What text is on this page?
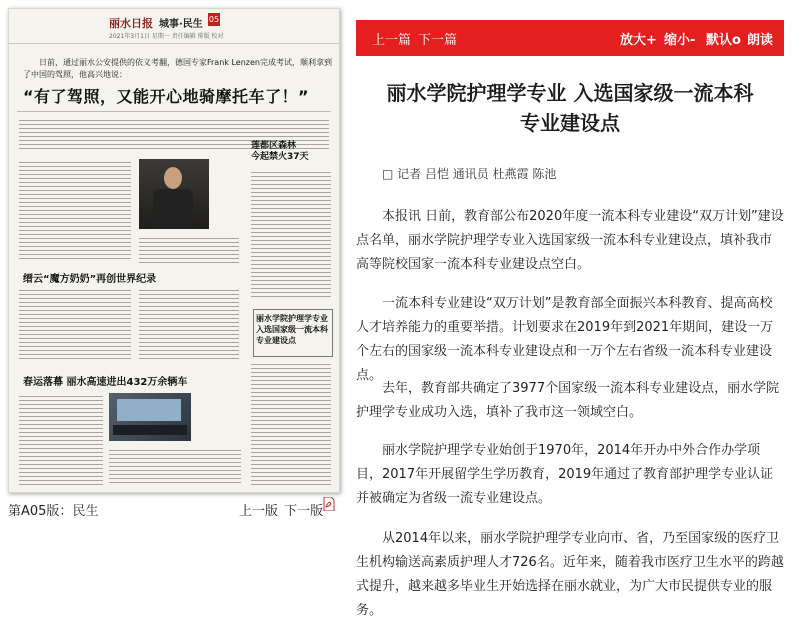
丽水日报 城事·民生 05
2021年3月1日 星期一 责任编辑 排版 校对
日前，通过丽水公安提供的依义考翻，德国专家Frank Lenzen完成考试，顺利拿到
了中国的驾照，他高兴地说：
“有了驾照，又能开心地骑摩托车了！”
莲都区森林
今起禁火37天
缙云“魔方奶奶”再创世界纪录
丽水学院护理学专业
入选国家级一流本科
专业建设点
春运落幕 丽水高速进出432万余辆车
第A05版：民生	上一版 下一版
上一篇 下一篇	放大+ 缩小- 默认o 朗读
丽水学院护理学专业 入选国家级一流本科
专业建设点
□ 记者 吕恺 通讯员 杜燕霞 陈池
　　本报讯 日前，教育部公布2020年度一流本科专业建设“双万计划”建设点名单，丽水学院护理学专业入选国家级一流本科专业建设点，填补我市高等院校国家一流本科专业建设点空白。
　　一流本科专业建设“双万计划”是教育部全面振兴本科教育、提高高校人才培养能力的重要举措。计划要求在2019年到2021年期间，建设一万个左右的国家级一流本科专业建设点和一万个左右省级一流本科专业建设点。
　　去年，教育部共确定了3977个国家级一流本科专业建设点，丽水学院护理学专业成功入选，填补了我市这一领域空白。
　　丽水学院护理学专业始创于1970年，2014年开办中外合作办学项目，2017年开展留学生学历教育，2019年通过了教育部护理学专业认证并被确定为省级一流专业建设点。
　　从2014年以来，丽水学院护理学专业向市、省，乃至国家级的医疗卫生机构输送高素质护理人才726名。近年来，随着我市医疗卫生水平的跨越式提升，越来越多毕业生开始选择在丽水就业，为广大市民提供专业的服务。
